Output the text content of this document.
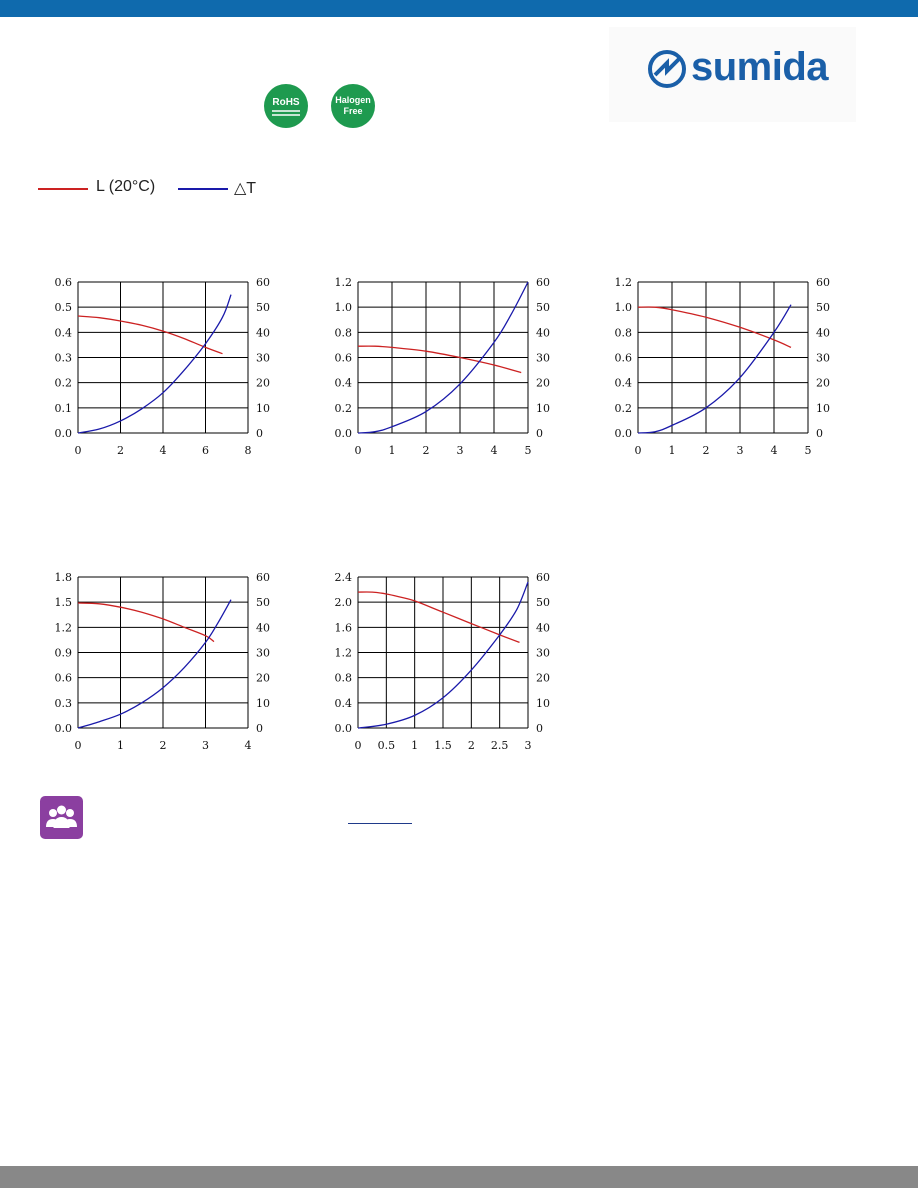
sumida
RoHS	Halogen
Free
L (20°C)	△T
0.0	0
0.1	10
0.2	20
0.3	30
0.4	40
0.5	50
0.6	60
0	2	4	6	8
0.0	0
0.2	10
0.4	20
0.6	30
0.8	40
1.0	50
1.2	60
0 1 2 3 4 5
0.0	0
0.2	10
0.4	20
0.6	30
0.8	40
1.0	50
1.2	60
0 1 2 3 4 5
0.0	0
0.3	10
0.6	20
0.9	30
1.2	40
1.5	50
1.8	60
0	1	2	3	4
0.0	0
0.4	10
0.8	20
1.2	30
1.6	40
2.0	50
2.4	60
0 0.5 1 1.5 2 2.5 3
